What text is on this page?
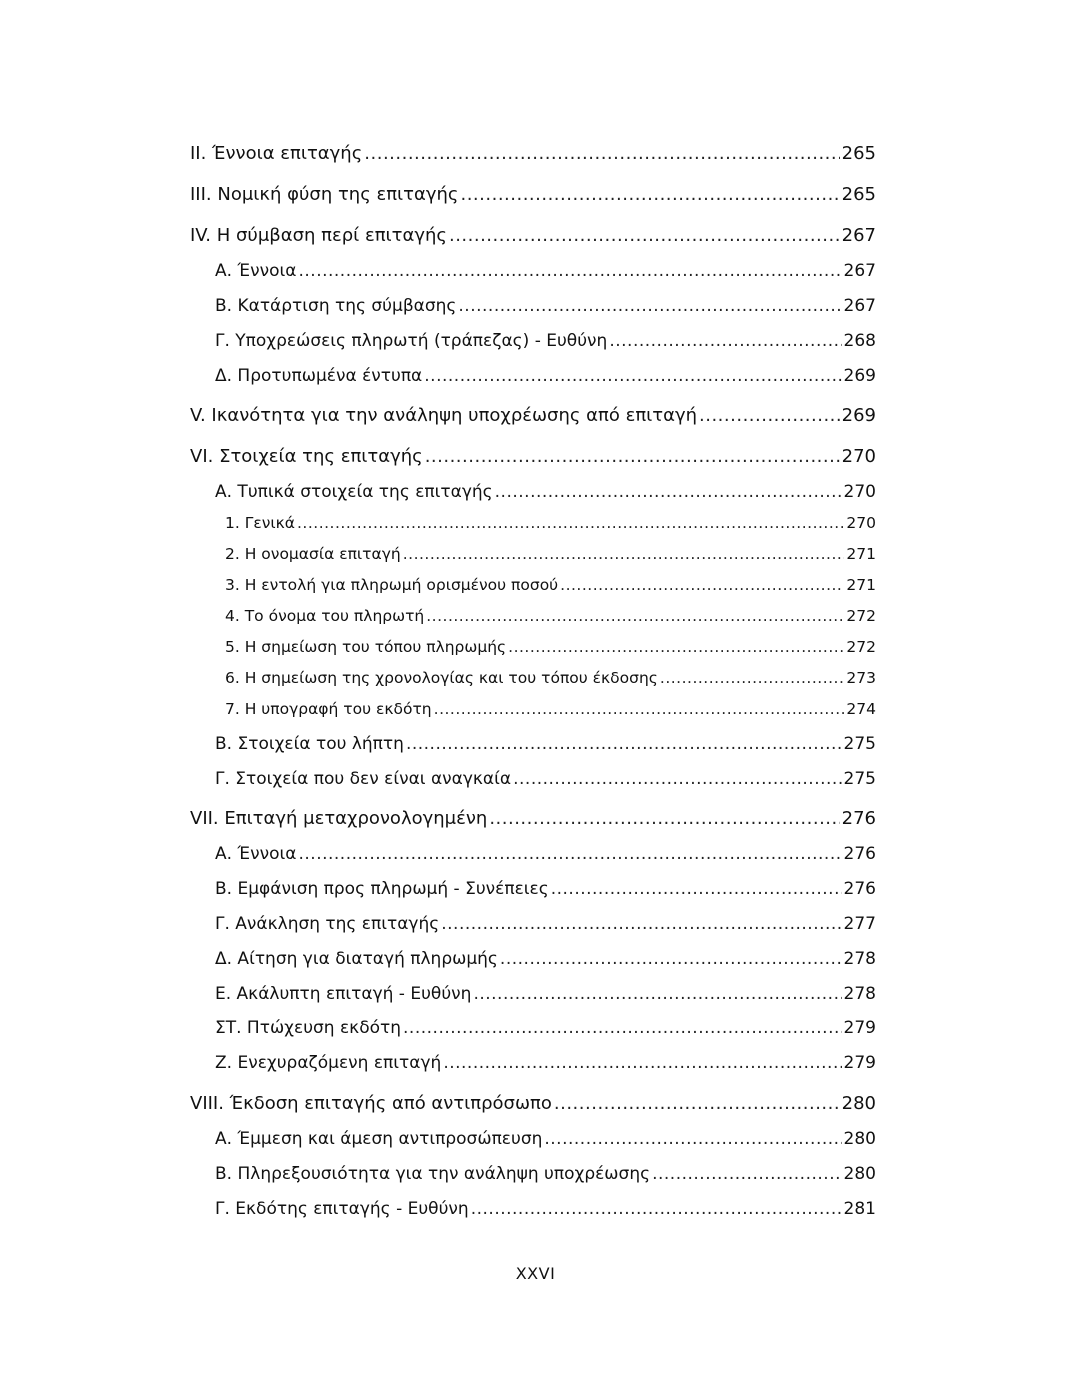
II. Έννοια επιταγής .....	265
III. Νομική φύση της επιταγής .....	265
IV. Η σύμβαση περί επιταγής .....	267
Α. Έννοια .....	267
Β. Κατάρτιση της σύμβασης .....	267
Γ. Υποχρεώσεις πληρωτή (τράπεζας) - Ευθύνη .....	268
Δ. Προτυπωμένα έντυπα .....	269
V. Ικανότητα για την ανάληψη υποχρέωσης από επιταγή .....	269
VI. Στοιχεία της επιταγής .....	270
Α. Τυπικά στοιχεία της επιταγής .....	270
1. Γενικά .....	270
2. Η ονομασία επιταγή .....	271
3. Η εντολή για πληρωμή ορισμένου ποσού .....	271
4. Το όνομα του πληρωτή .....	272
5. Η σημείωση του τόπου πληρωμής .....	272
6. Η σημείωση της χρονολογίας και του τόπου έκδοσης .....	273
7. Η υπογραφή του εκδότη .....	274
Β. Στοιχεία του λήπτη .....	275
Γ. Στοιχεία που δεν είναι αναγκαία .....	275
VII. Επιταγή μεταχρονολογημένη .....	276
Α. Έννοια .....	276
Β. Εμφάνιση προς πληρωμή - Συνέπειες .....	276
Γ. Ανάκληση της επιταγής .....	277
Δ. Αίτηση για διαταγή πληρωμής .....	278
Ε. Ακάλυπτη επιταγή - Ευθύνη .....	278
ΣΤ. Πτώχευση εκδότη .....	279
Ζ. Ενεχυραζόμενη επιταγή .....	279
VIII. Έκδοση επιταγής από αντιπρόσωπο .....	280
Α. Έμμεση και άμεση αντιπροσώπευση .....	280
Β. Πληρεξουσιότητα για την ανάληψη υποχρέωσης .....	280
Γ. Εκδότης επιταγής - Ευθύνη .....	281
XXVI
